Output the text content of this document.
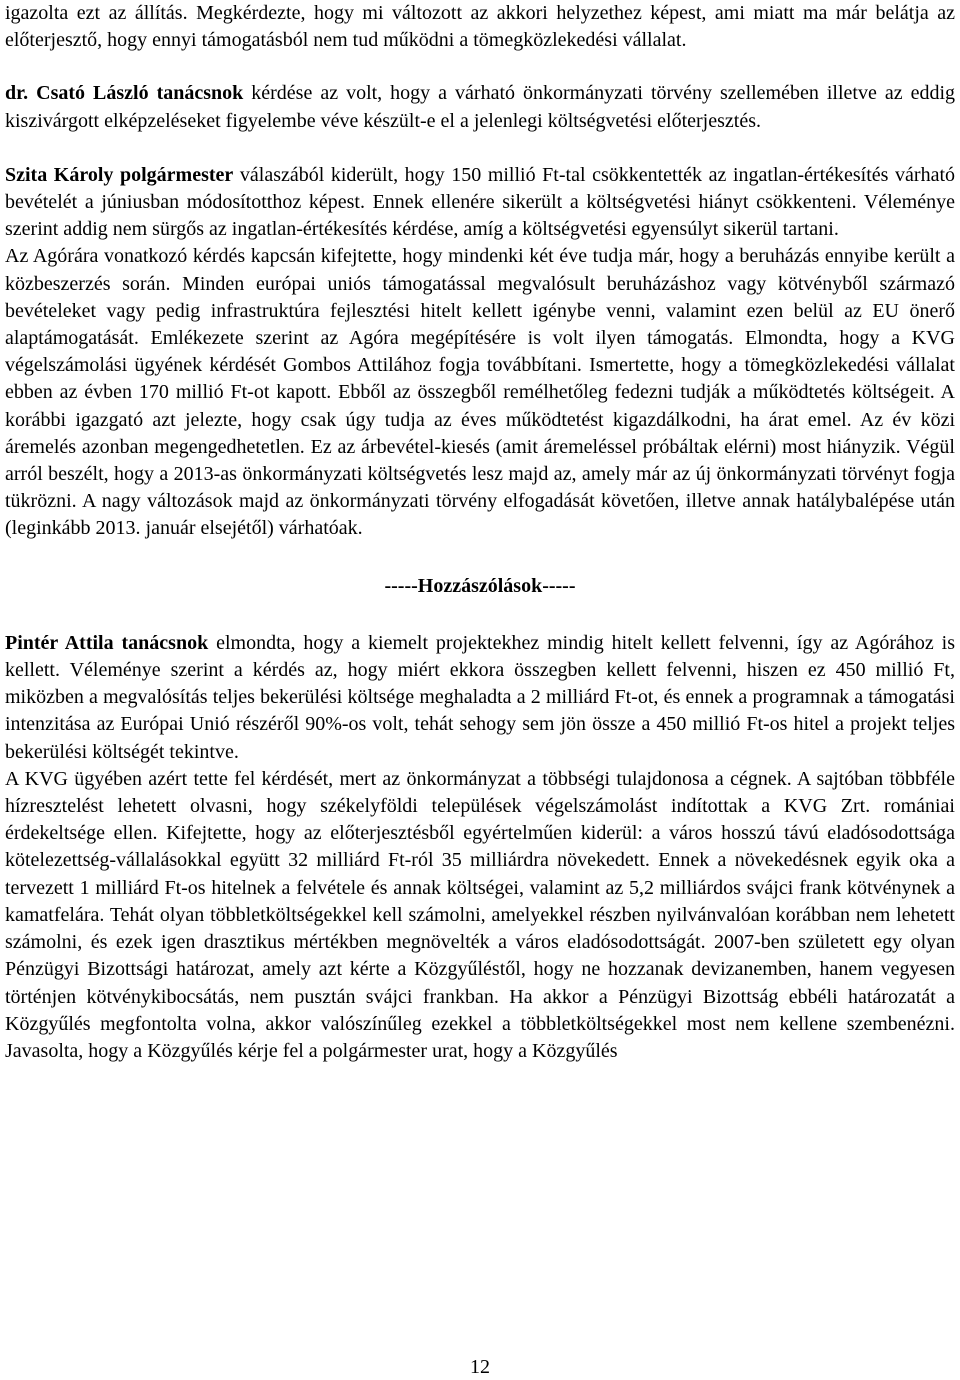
igazolta ezt az állítás. Megkérdezte, hogy mi változott az akkori helyzethez képest, ami miatt ma már belátja az előterjesztő, hogy ennyi támogatásból nem tud működni a tömegközlekedési vállalat.

dr. Csató László tanácsnok kérdése az volt, hogy a várható önkormányzati törvény szellemében illetve az eddig kiszivárgott elképzeléseket figyelembe véve készült-e el a jelenlegi költségvetési előterjesztés.

Szita Károly polgármester válaszából kiderült, hogy 150 millió Ft-tal csökkentették az ingatlan-értékesítés várható bevételét a júniusban módosítotthoz képest. Ennek ellenére sikerült a költségvetési hiányt csökkenteni. Véleménye szerint addig nem sürgős az ingatlan-értékesítés kérdése, amíg a költségvetési egyensúlyt sikerül tartani.

Az Agórára vonatkozó kérdés kapcsán kifejtette, hogy mindenki két éve tudja már, hogy a beruházás ennyibe került a közbeszerzés során. Minden európai uniós támogatással megvalósult beruházáshoz vagy kötvényből származó bevételeket vagy pedig infrastruktúra fejlesztési hitelt kellett igénybe venni, valamint ezen belül az EU önerő alaptámogatását. Emlékezete szerint az Agóra megépítésére is volt ilyen támogatás. Elmondta, hogy a KVG végelszámolási ügyének kérdését Gombos Attilához fogja továbbítani. Ismertette, hogy a tömegközlekedési vállalat ebben az évben 170 millió Ft-ot kapott. Ebből az összegből remélhetőleg fedezni tudják a működtetés költségeit. A korábbi igazgató azt jelezte, hogy csak úgy tudja az éves működtetést kigazdálkodni, ha árat emel. Az év közi áremelés azonban megengedhetetlen. Ez az árbevétel-kiesés (amit áremeléssel próbáltak elérni) most hiányzik. Végül arról beszélt, hogy a 2013-as önkormányzati költségvetés lesz majd az, amely már az új önkormányzati törvényt fogja tükrözni. A nagy változások majd az önkormányzati törvény elfogadását követően, illetve annak hatálybalépése után (leginkább 2013. január elsejétől) várhatóak.

-----Hozzászólások-----

Pintér Attila tanácsnok elmondta, hogy a kiemelt projektekhez mindig hitelt kellett felvenni, így az Agórához is kellett. Véleménye szerint a kérdés az, hogy miért ekkora összegben kellett felvenni, hiszen ez 450 millió Ft, miközben a megvalósítás teljes bekerülési költsége meghaladta a 2 milliárd Ft-ot, és ennek a programnak a támogatási intenzitása az Európai Unió részéről 90%-os volt, tehát sehogy sem jön össze a 450 millió Ft-os hitel a projekt teljes bekerülési költségét tekintve.

A KVG ügyében azért tette fel kérdését, mert az önkormányzat a többségi tulajdonosa a cégnek. A sajtóban többféle hízresztelést lehetett olvasni, hogy székelyföldi települések végelszámolást indítottak a KVG Zrt. romániai érdekeltsége ellen. Kifejtette, hogy az előterjesztésből egyértelműen kiderül: a város hosszú távú eladósodottsága kötelezettség-vállalásokkal együtt 32 milliárd Ft-ról 35 milliárdra növekedett. Ennek a növekedésnek egyik oka a tervezett 1 milliárd Ft-os hitelnek a felvétele és annak költségei, valamint az 5,2 milliárdos svájci frank kötvénynek a kamatfelára. Tehát olyan többletköltségekkel kell számolni, amelyekkel részben nyilvánvalóan korábban nem lehetett számolni, és ezek igen drasztikus mértékben megnövelték a város eladósodottságát. 2007-ben született egy olyan Pénzügyi Bizottsági határozat, amely azt kérte a Közgyűléstől, hogy ne hozzanak devizanemben, hanem vegyesen történjen kötvénykibocsátás, nem pusztán svájci frankban. Ha akkor a Pénzügyi Bizottság ebbéli határozatát a Közgyűlés megfontolta volna, akkor valószínűleg ezekkel a többletköltségekkel most nem kellene szembenézni. Javasolta, hogy a Közgyűlés kérje fel a polgármester urat, hogy a Közgyűlés

12
